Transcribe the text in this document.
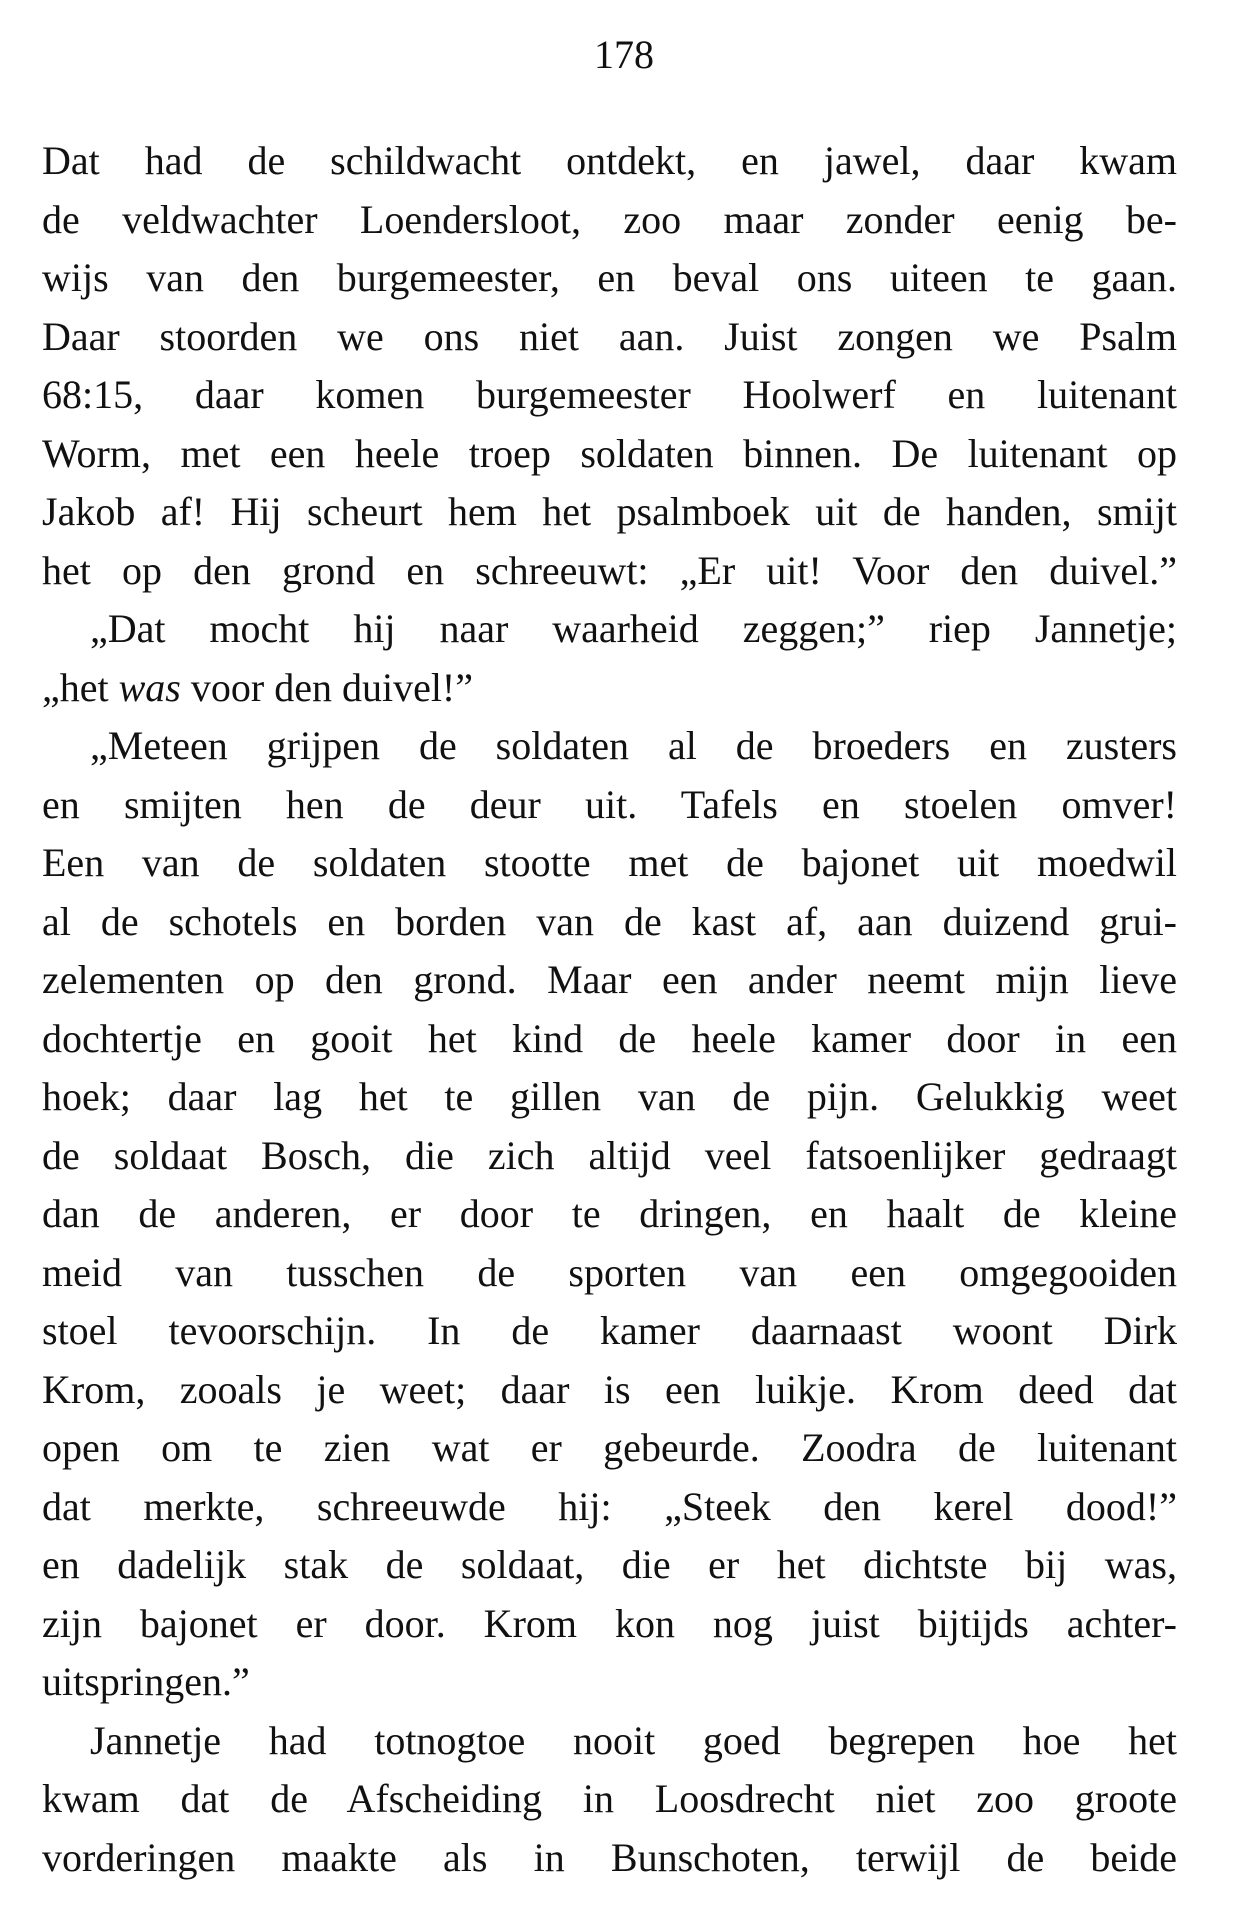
178
Dat had de schildwacht ontdekt, en jawel, daar kwam
de veldwachter Loendersloot, zoo maar zonder eenig be-
wijs van den burgemeester, en beval ons uiteen te gaan.
Daar stoorden we ons niet aan. Juist zongen we Psalm
68:15, daar komen burgemeester Hoolwerf en luitenant
Worm, met een heele troep soldaten binnen. De luitenant op
Jakob af! Hij scheurt hem het psalmboek uit de handen, smijt
het op den grond en schreeuwt: „Er uit! Voor den duivel.”
„Dat mocht hij naar waarheid zeggen;” riep Jannetje;
„het was voor den duivel!”
„Meteen grijpen de soldaten al de broeders en zusters
en smijten hen de deur uit. Tafels en stoelen omver!
Een van de soldaten stootte met de bajonet uit moedwil
al de schotels en borden van de kast af, aan duizend grui-
zelementen op den grond. Maar een ander neemt mijn lieve
dochtertje en gooit het kind de heele kamer door in een
hoek; daar lag het te gillen van de pijn. Gelukkig weet
de soldaat Bosch, die zich altijd veel fatsoenlijker gedraagt
dan de anderen, er door te dringen, en haalt de kleine
meid van tusschen de sporten van een omgegooiden
stoel tevoorschijn. In de kamer daarnaast woont Dirk
Krom, zooals je weet; daar is een luikje. Krom deed dat
open om te zien wat er gebeurde. Zoodra de luitenant
dat merkte, schreeuwde hij: „Steek den kerel dood!”
en dadelijk stak de soldaat, die er het dichtste bij was,
zijn bajonet er door. Krom kon nog juist bijtijds achter-
uitspringen.”
Jannetje had totnogtoe nooit goed begrepen hoe het
kwam dat de Afscheiding in Loosdrecht niet zoo groote
vorderingen maakte als in Bunschoten, terwijl de beide
